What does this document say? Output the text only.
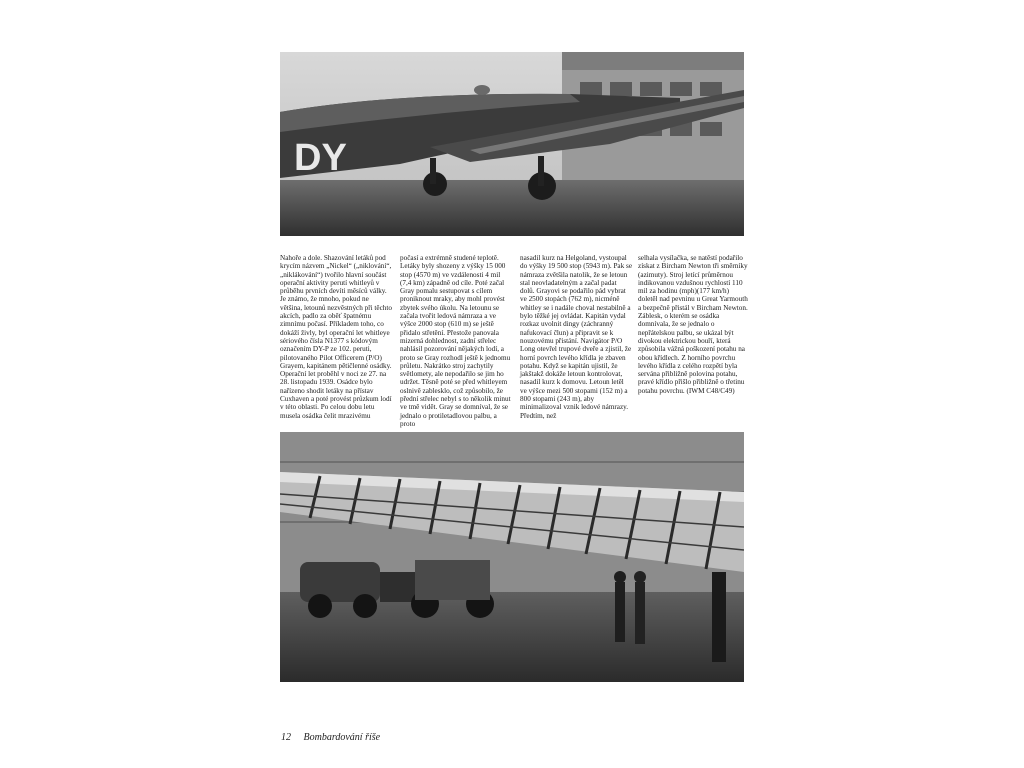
DY

Nahoře a dole. Shazování letáků pod krycím názvem „Nickel“ („niklování“, „niklákování“) tvořilo hlavní součást operační aktivity perutí whitleyů v průběhu prvních devíti měsíců války. Je známo, že mnoho, pokud ne většina, letounů nezvěstných při těchto akcích, padlo za oběť špatnému zimnímu počasí. Příkladem toho, co dokáží živly, byl operační let whitleye sériového čísla N1377 s kódovým označením DY-P ze 102. peruti, pilotovaného Pilot Officerem (P/O) Grayem, kapitánem pětičlenné osádky. Operační let proběhl v noci ze 27. na 28. listopadu 1939. Osádce bylo nařízeno shodit letáky na přístav Cuxhaven a poté provést průzkum lodí v této oblasti. Po celou dobu letu musela osádka čelit mrazivému

počasí a extrémně studené teplotě. Letáky byly shozeny z výšky 15 000 stop (4570 m) ve vzdálenosti 4 mil (7,4 km) západně od cíle. Poté začal Gray pomalu sestupovat s cílem proniknout mraky, aby mohl provést zbytek svého úkolu. Na letounu se začala tvořit ledová námraza a ve výšce 2000 stop (610 m) se ještě přidalo střetění. Přestože panovala mizerná dohlednost, zadní střelec nahlásil pozorování nějakých lodí, a proto se Gray rozhodl ještě k jednomu průletu. Nakrátko stroj zachytily světlomety, ale nepodařilo se jim ho udržet. Těsně poté se před whitleyem oslnivě zablesklo, což způsobilo, že přední střelec nebyl s to několik minut ve tmě vidět. Gray se domníval, že se jednalo o protiletadlovou palbu, a proto

nasadil kurz na Helgoland, vystoupal do výšky 19 500 stop (5943 m). Pak se námraza zvětšila natolik, že se letoun stal neovladatelným a začal padat dolů. Grayovi se podařilo pád vybrat ve 2500 stopách (762 m), nicméně whitley se i nadále choval nestabilně a bylo těžké jej ovládat. Kapitán vydal rozkaz uvolnit dingy (záchranný nafukovací člun) a připravit se k nouzovému přistání. Navigátor P/O Long otevřel trupové dveře a zjistil, že horní povrch levého křídla je zbaven potahu. Když se kapitán ujistil, že jakštakž dokáže letoun kontrolovat, nasadil kurz k domovu. Letoun letěl ve výšce mezi 500 stopami (152 m) a 800 stopami (243 m), aby minimalizoval vznik ledové námrazy. Předtím, než

selhala vysílačka, se natěstí podařilo získat z Bircham Newton tři směrníky (azimuty). Stroj letící průměrnou indikovanou vzdušnou rychlostí 110 mil za hodinu (mph)(177 km/h) doletěl nad pevninu u Great Yarmouth a bezpečně přistál v Bircham Newton. Záblesk, o kterém se osádka domnívala, že se jednalo o nepřátelskou palbu, se ukázal být divokou elektrickou bouří, která způsobila vážná poškození potahu na obou křídlech. Z horního povrchu levého křídla z celého rozpětí byla servána přibližně polovina potahu, pravé křídlo přišlo přibližně o třetinu potahu povrchu. (IWM C48/C49)

12 Bombardování říše
